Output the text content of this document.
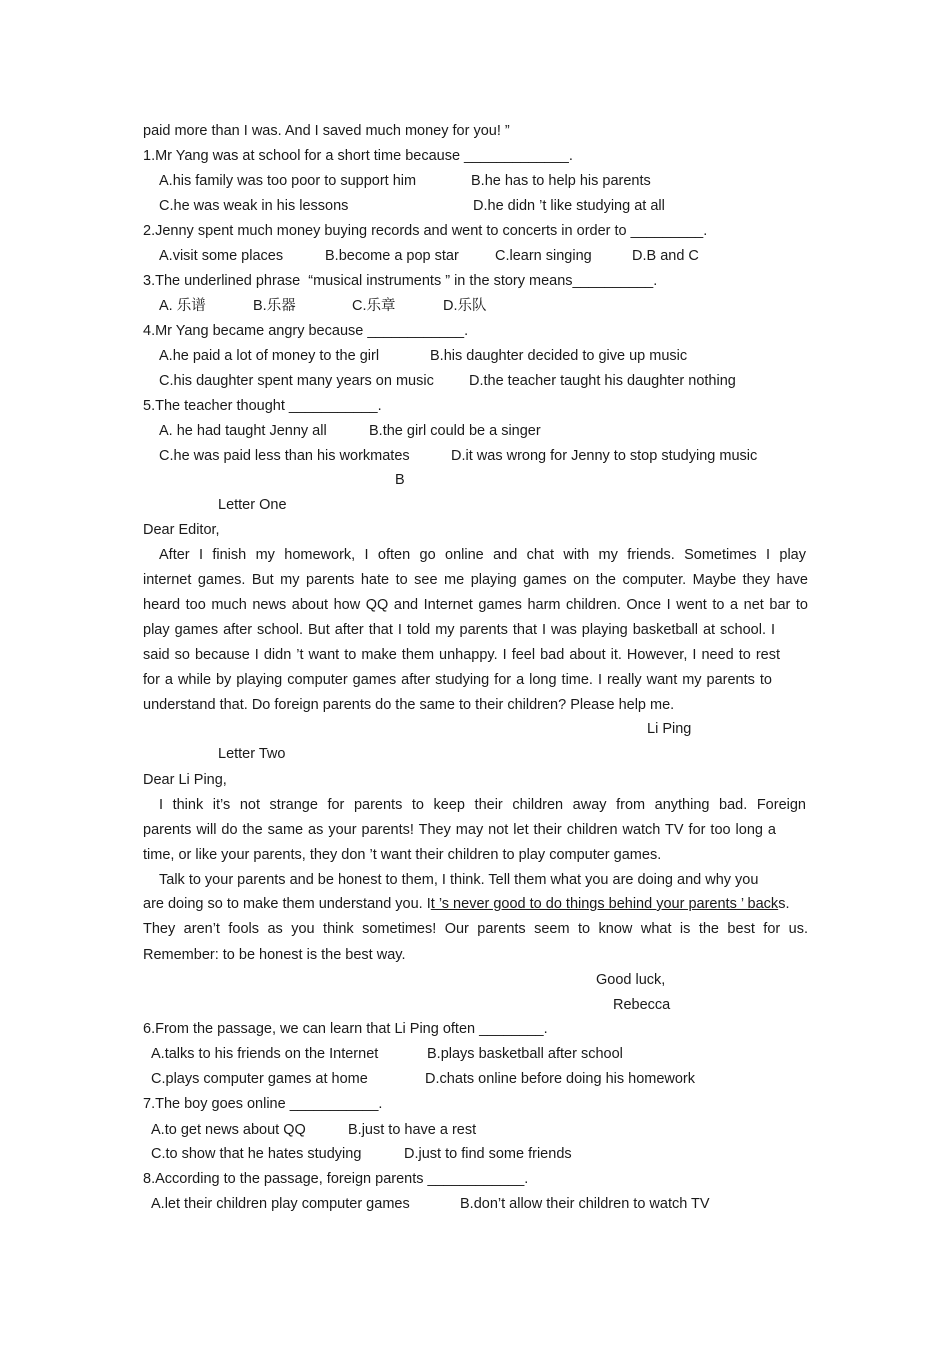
paid more than I was. And I saved much money for you! ”
1.Mr Yang was at school for a short time because _____________.
A.his family was too poor to support him	B.he has to help his parents
C.he was weak in his lessons	D.he didn ’t like studying at all
2.Jenny spent much money buying records and went to concerts in order to _________.
A.visit some places	B.become a pop star C.learn singing	D.B and C
3.The underlined phrase  “musical instruments ” in the story means__________.
A. 乐谱	B.乐器	C.乐章	D.乐队
4.Mr Yang became angry because ____________.
A.he paid a lot of money to the girl	B.his daughter decided to give up music
C.his daughter spent many years on music D.the teacher taught his daughter nothing
5.The teacher thought ___________.
A. he had taught Jenny all	B.the girl could be a singer
C.he was paid less than his workmates	D.it was wrong for Jenny to stop studying music
B
Letter One
Dear Editor,
After I finish my homework, I often go online and chat with my friends. Sometimes I play
internet games. But my parents hate to see me playing games on the computer. Maybe they have
heard too much news about how QQ and Internet games harm children. Once I went to a net bar to
play games after school. But after that I told my parents that I was playing basketball at school. I
said so because I didn ’t want to make them unhappy. I feel bad about it. However, I need to rest
for a while by playing computer games after studying for a long time. I really want my parents to
understand that. Do foreign parents do the same to their children? Please help me.
Li Ping
Letter Two
Dear Li Ping,
I think it’s not strange for parents to keep their children away from anything bad. Foreign
parents will do the same as your parents! They may not let their children watch TV for too long a
time, or like your parents, they don ’t want their children to play computer games.
Talk to your parents and be honest to them, I think. Tell them what you are doing and why you
are doing so to make them understand you. It ’s never good to do things behind your parents ’ backs.
They aren’t fools as you think sometimes! Our parents seem to know what is the best for us.
Remember: to be honest is the best way.
Good luck,
Rebecca
6.From the passage, we can learn that Li Ping often ________.
A.talks to his friends on the Internet	B.plays basketball after school
C.plays computer games at home	D.chats online before doing his homework
7.The boy goes online ___________.
A.to get news about QQ	B.just to have a rest
C.to show that he hates studying	D.just to find some friends
8.According to the passage, foreign parents ____________.
A.let their children play computer games	B.don’t allow their children to watch TV
